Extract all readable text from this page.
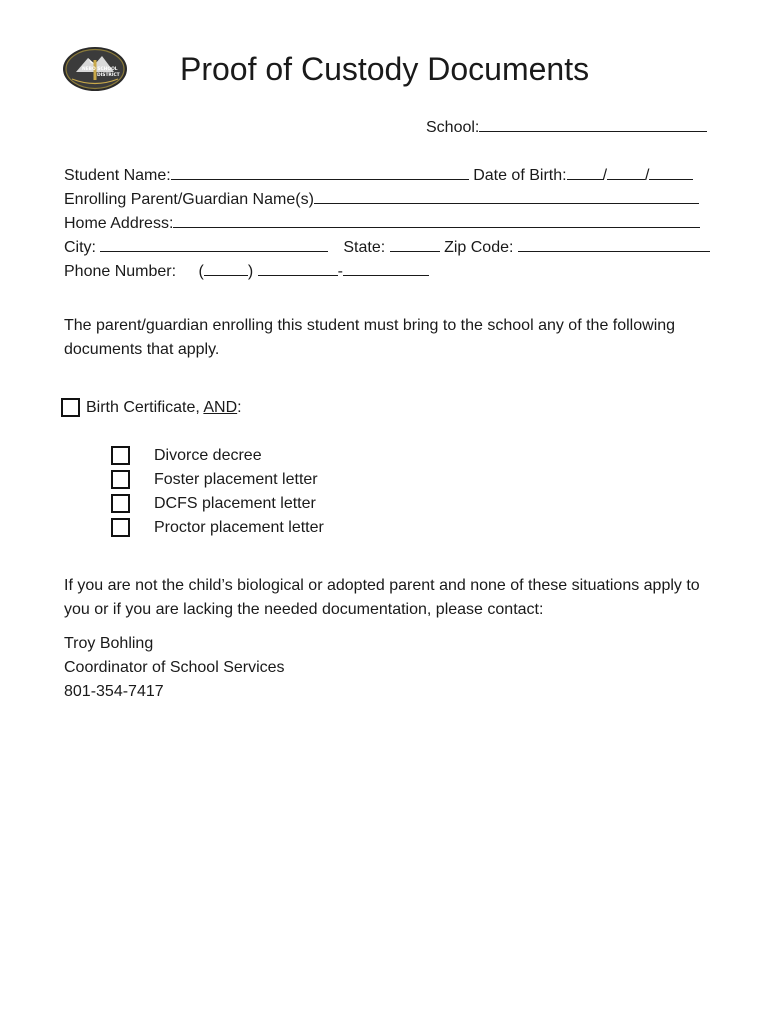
NEBO SCHOOL
DISTRICT Proof of Custody Documents
School:
Student Name:	Date of Birth: / /
Enrolling Parent/Guardian Name(s)
Home Address:
City:	State:	Zip Code:
Phone Number: (	)	-
The parent/guardian enrolling this student must bring to the school any of the following documents that apply.
Birth Certificate, AND:
Divorce decree
Foster placement letter
DCFS placement letter
Proctor placement letter
If you are not the child’s biological or adopted parent and none of these situations apply to you or if you are lacking the needed documentation, please contact:
Troy Bohling
Coordinator of School Services
801-354-7417
